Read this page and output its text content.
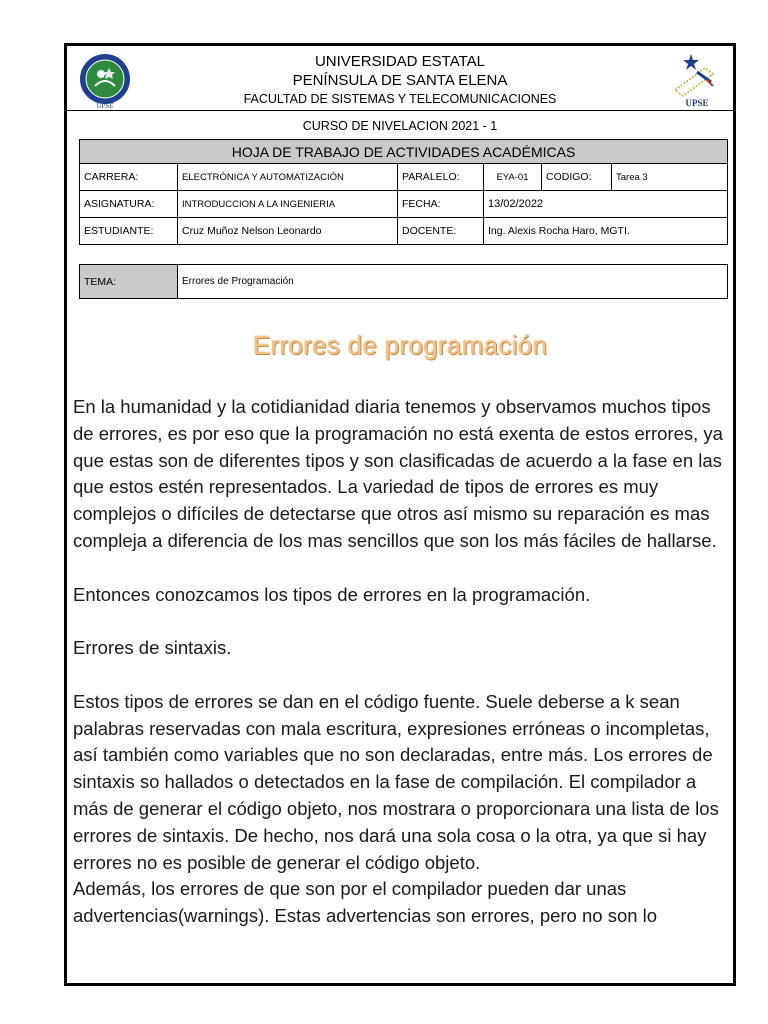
UPSE	UPSE
UNIVERSIDAD ESTATAL
PENÍNSULA DE SANTA ELENA
FACULTAD DE SISTEMAS Y TELECOMUNICACIONES
CURSO DE NIVELACION 2021 - 1
HOJA DE TRABAJO DE ACTIVIDADES ACADÉMICAS					
CARRERA:	ELECTRÓNICA Y AUTOMATIZACIÓN	PARALELO:	EYA-01	CODIGO:	Tarea 3
ASIGNATURA:	INTRODUCCION A LA INGENIERIA	FECHA:	13/02/2022		
ESTUDIANTE:	Cruz Muñoz Nelson Leonardo	DOCENTE:	Ing. Alexis Rocha Haro, MGTI.		
TEMA:	Errores de Programación
Errores de programación

En la humanidad y la cotidianidad diaria tenemos y observamos muchos tipos de errores, es por eso que la programación no está exenta de estos errores, ya que estas son de diferentes tipos y son clasificadas de acuerdo a la fase en las que estos estén representados. La variedad de tipos de errores es muy complejos o difíciles de detectarse que otros así mismo su reparación es mas compleja a diferencia de los mas sencillos que son los más fáciles de hallarse.

Entonces conozcamos los tipos de errores en la programación.

Errores de sintaxis.

Estos tipos de errores se dan en el código fuente. Suele deberse a k sean palabras reservadas con mala escritura, expresiones erróneas o incompletas, así también como variables que no son declaradas, entre más. Los errores de sintaxis so hallados o detectados en la fase de compilación. El compilador a más de generar el código objeto, nos mostrara o proporcionara una lista de los errores de sintaxis. De hecho, nos dará una sola cosa o la otra, ya que si hay errores no es posible de generar el código objeto.

Además, los errores de que son por el compilador pueden dar unas advertencias(warnings). Estas advertencias son errores, pero no son lo
